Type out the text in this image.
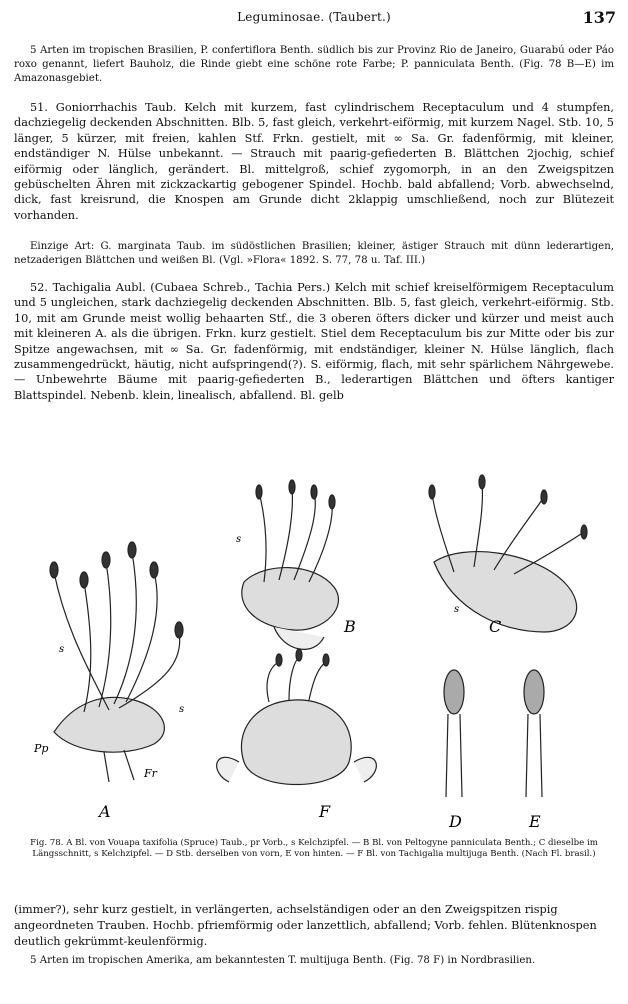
Leguminosae. (Taubert.)	137

5 Arten im tropischen Brasilien, P. confertiflora Benth. südlich bis zur Provinz Rio de Janeiro, Guarabú oder Páo roxo genannt, liefert Bauholz, die Rinde giebt eine schöne rote Farbe; P. panniculata Benth. (Fig. 78 B—E) im Amazonasgebiet.

51. Goniorrhachis Taub. Kelch mit kurzem, fast cylindrischem Receptaculum und 4 stumpfen, dachziegelig deckenden Abschnitten. Blb. 5, fast gleich, verkehrt-eiförmig, mit kurzem Nagel. Stb. 10, 5 länger, 5 kürzer, mit freien, kahlen Stf. Frkn. gestielt, mit ∞ Sa. Gr. fadenförmig, mit kleiner, endständiger N. Hülse unbekannt. — Strauch mit paarig-gefiederten B. Blättchen 2jochig, schief eiförmig oder länglich, gerändert. Bl. mittelgroß, schief zygomorph, in an den Zweigspitzen gebüschelten Ähren mit zickzackartig gebogener Spindel. Hochb. bald abfallend; Vorb. abwechselnd, dick, fast kreisrund, die Knospen am Grunde dicht 2klappig umschließend, noch zur Blütezeit vorhanden.

Einzige Art: G. marginata Taub. im südöstlichen Brasilien; kleiner, ästiger Strauch mit dünn lederartigen, netzaderigen Blättchen und weißen Bl. (Vgl. »Flora« 1892. S. 77, 78 u. Taf. III.)

52. Tachigalia Aubl. (Cubaea Schreb., Tachia Pers.) Kelch mit schief kreiselförmigem Receptaculum und 5 ungleichen, stark dachziegelig deckenden Abschnitten. Blb. 5, fast gleich, verkehrt-eiförmig. Stb. 10, mit am Grunde meist wollig behaarten Stf., die 3 oberen öfters dicker und kürzer und meist auch mit kleineren A. als die übrigen. Frkn. kurz gestielt. Stiel dem Receptaculum bis zur Mitte oder bis zur Spitze angewachsen, mit ∞ Sa. Gr. fadenförmig, mit endständiger, kleiner N. Hülse länglich, flach zusammengedrückt, häutig, nicht aufspringend(?). S. eiförmig, flach, mit sehr spärlichem Nährgewebe. — Unbewehrte Bäume mit paarig-gefiederten B., lederartigen Blättchen und öfters kantiger Blattspindel. Nebenb. klein, linealisch, abfallend. Bl. gelb

A
B	C
D	E
F
Pp
Fr
s
s
s
s
Fig. 78. A Bl. von Vouapa taxifolia (Spruce) Taub., pr Vorb., s Kelchzipfel. — B Bl. von Peltogyne panniculata Benth.; C dieselbe im Längsschnitt, s Kelchzipfel. — D Stb. derselben von vorn, E von hinten. — F Bl. von Tachigalia multijuga Benth. (Nach Fl. brasil.)

(immer?), sehr kurz gestielt, in verlängerten, achselständigen oder an den Zweigspitzen rispig angeordneten Trauben. Hochb. pfriemförmig oder lanzettlich, abfallend; Vorb. fehlen. Blütenknospen deutlich gekrümmt-keulenförmig.

5 Arten im tropischen Amerika, am bekanntesten T. multijuga Benth. (Fig. 78 F) in Nordbrasilien.
